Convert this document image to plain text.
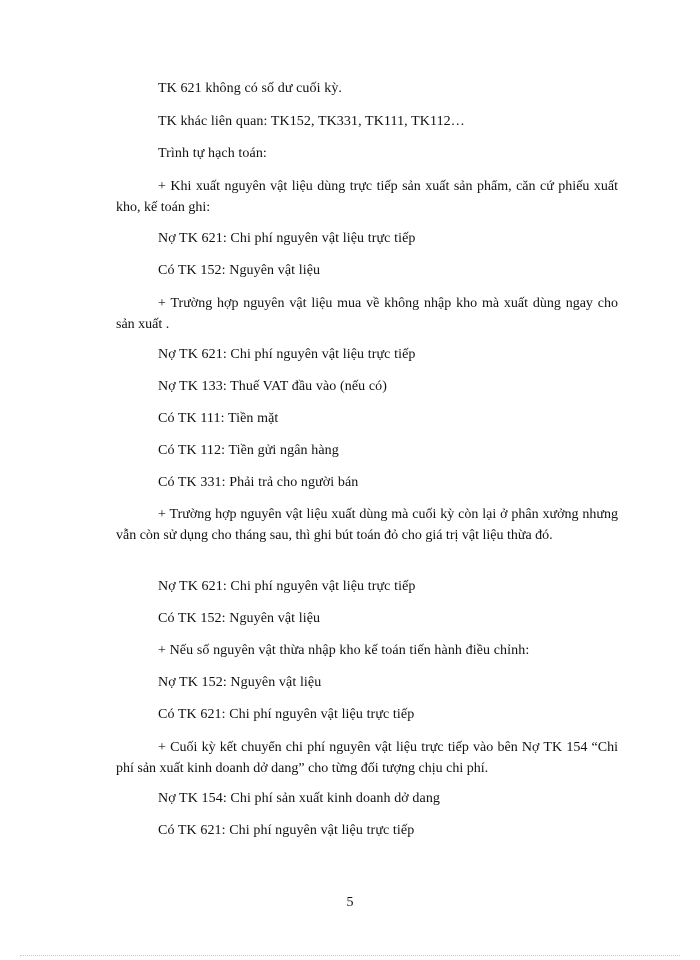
TK 621 không có số dư cuối kỳ.
TK khác liên quan: TK152, TK331, TK111, TK112…
Trình tự hạch toán:
+ Khi xuất nguyên vật liệu dùng trực tiếp sản xuất sản phẩm, căn cứ phiếu xuất kho, kế toán ghi:
Nợ TK 621: Chi phí nguyên vật liệu trực tiếp
Có TK 152: Nguyên vật liệu
+ Trường hợp nguyên vật liệu mua về không nhập kho mà xuất dùng ngay cho sản xuất .
Nợ TK 621: Chi phí nguyên vật liệu trực tiếp
Nợ TK 133: Thuế VAT đầu vào (nếu có)
Có TK 111: Tiền mặt
Có TK 112: Tiền gửi ngân hàng
Có TK 331: Phải trả cho người bán
+ Trường hợp nguyên vật liệu xuất dùng mà cuối kỳ còn lại ở phân xưởng nhưng vẫn còn sử dụng cho tháng sau, thì ghi bút toán đỏ cho giá trị vật liệu thừa đó.
Nợ TK 621: Chi phí nguyên vật liệu trực tiếp
Có TK 152: Nguyên vật liệu
+ Nếu số nguyên vật thừa nhập kho kế toán tiến hành điều chỉnh:
Nợ TK 152: Nguyên vật liệu
Có TK 621: Chi phí nguyên vật liệu trực tiếp
+ Cuối kỳ kết chuyển chi phí nguyên vật liệu trực tiếp vào bên Nợ TK 154 “Chi phí sản xuất kinh doanh dở dang” cho từng đối tượng chịu chi phí.
Nợ TK 154: Chi phí sản xuất kinh doanh dở dang
Có TK 621: Chi phí nguyên vật liệu trực tiếp
5
